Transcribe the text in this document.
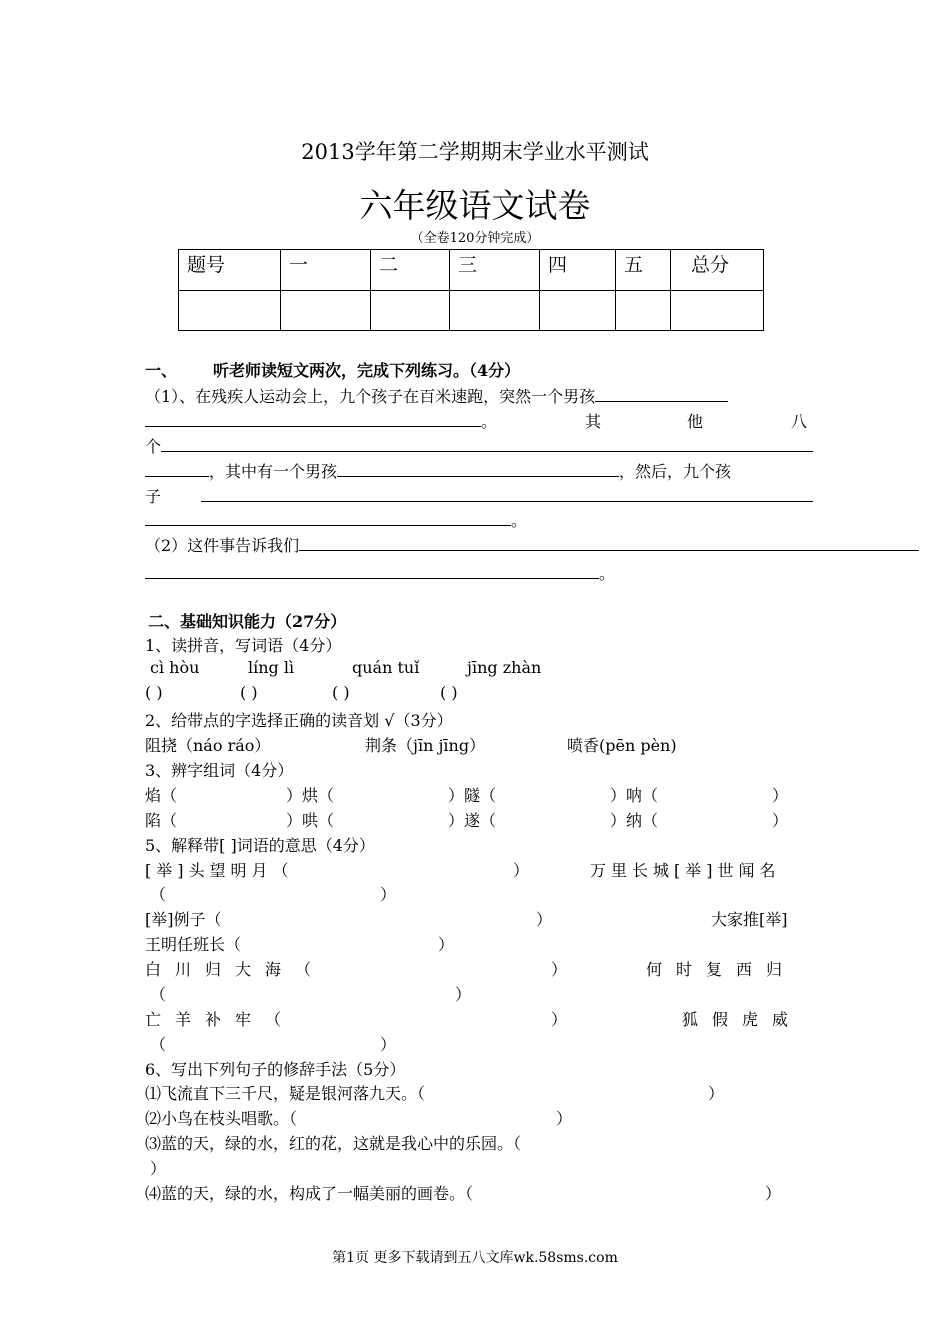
2013学年第二学期期末学业水平测试
六年级语文试卷
（全卷120分钟完成）
题号	一	二	三	四	五	总分

一、 听老师读短文两次，完成下列练习。（4分）
（1）、在残疾人运动会上，九个孩子在百米速跑，突然一个男孩
。	其	他	八
个
，其中有一个男孩	，然后，九个孩
子
。
（2）这件事告诉我们
。
二、基础知识能力（27分）
1、读拼音，写词语（4分）
cì hòu	líng lì	quán tuǐ	jīng zhàn
( )	( )	( )	( )
2、给带点的字选择正确的读音划 √（3分）
阻挠（náo ráo）	荆条（jīn jīng）	喷香(pēn pèn)
3、辨字组词（4分）
焰（	）烘（	）隧（	）呐（	）
陷（	）哄（	）遂（	）纳（	）
5、解释带[ ]词语的意思（4分）
[举]头望明月（	）	万里长城[举]世闻名
（	）
[举]例子（	）	大家推[举]
王明任班长（	）
白川归大海（	）	何时复西归
（	）
亡羊补牢（	）	狐假虎威
（	）
6、写出下列句子的修辞手法（5分）
⑴飞流直下三千尺，疑是银河落九天。（	）
⑵小鸟在枝头唱歌。（	）
⑶蓝的天，绿的水，红的花，这就是我心中的乐园。（
）
⑷蓝的天，绿的水，构成了一幅美丽的画卷。（	）
第1页 更多下载请到五八文库wk.58sms.com
